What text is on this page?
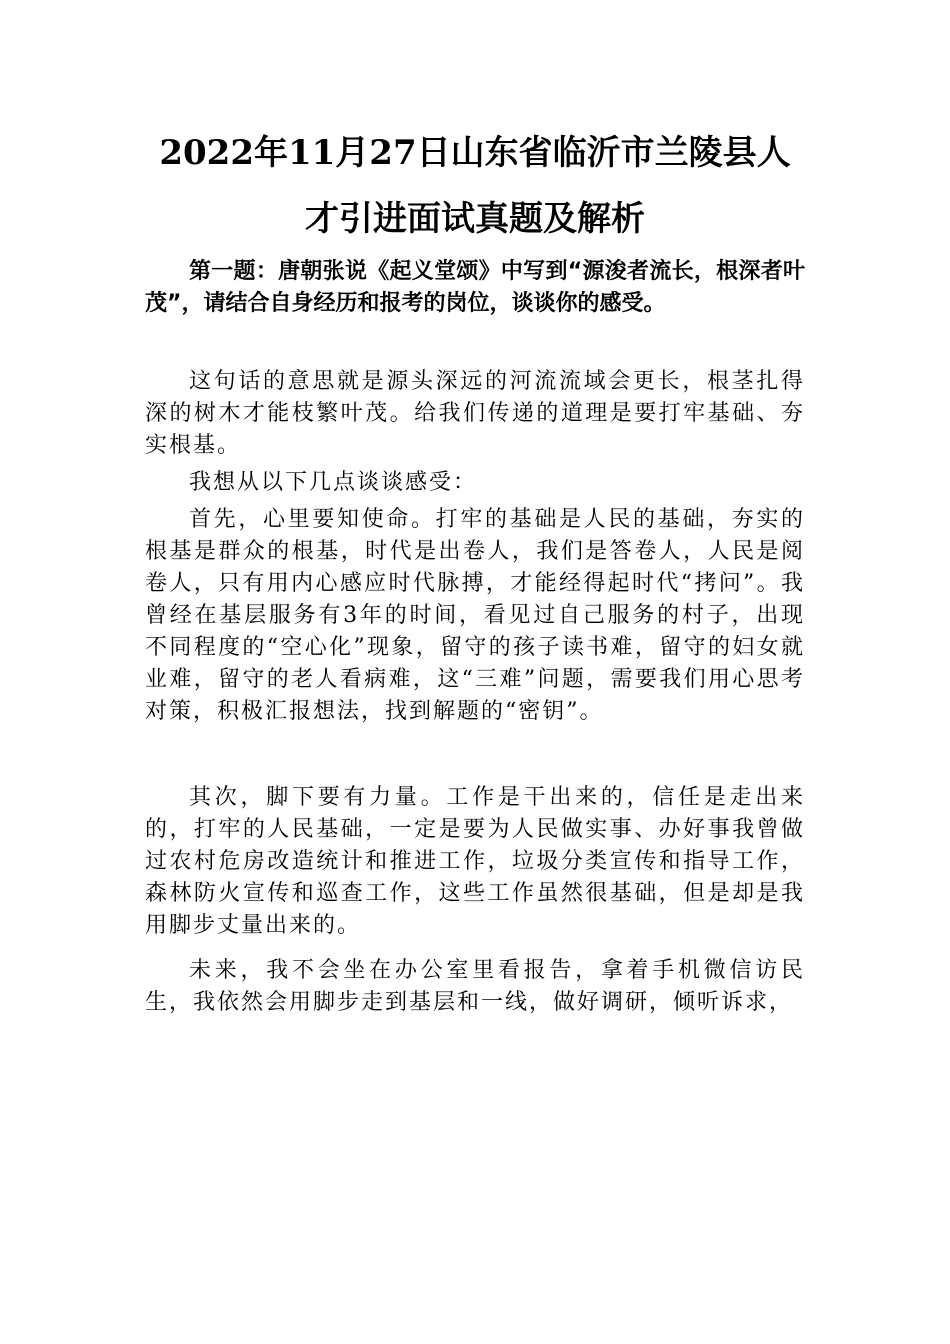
2022年11月27日山东省临沂市兰陵县人
才引进面试真题及解析

第一题：唐朝张说《起义堂颂》中写到“源浚者流长，根深者叶茂”，请结合自身经历和报考的岗位，谈谈你的感受。

这句话的意思就是源头深远的河流流域会更长，根茎扎得深的树木才能枝繁叶茂。给我们传递的道理是要打牢基础、夯实根基。

我想从以下几点谈谈感受：

首先，心里要知使命。打牢的基础是人民的基础，夯实的根基是群众的根基，时代是出卷人，我们是答卷人，人民是阅卷人，只有用内心感应时代脉搏，才能经得起时代“拷问”。我曾经在基层服务有3年的时间，看见过自己服务的村子，出现不同程度的“空心化”现象，留守的孩子读书难，留守的妇女就业难，留守的老人看病难，这“三难”问题，需要我们用心思考对策，积极汇报想法，找到解题的“密钥”。

其次，脚下要有力量。工作是干出来的，信任是走出来的，打牢的人民基础，一定是要为人民做实事、办好事我曾做过农村危房改造统计和推进工作，垃圾分类宣传和指导工作，森林防火宣传和巡查工作，这些工作虽然很基础，但是却是我用脚步丈量出来的。

未来，我不会坐在办公室里看报告，拿着手机微信访民生，我依然会用脚步走到基层和一线，做好调研，倾听诉求，
